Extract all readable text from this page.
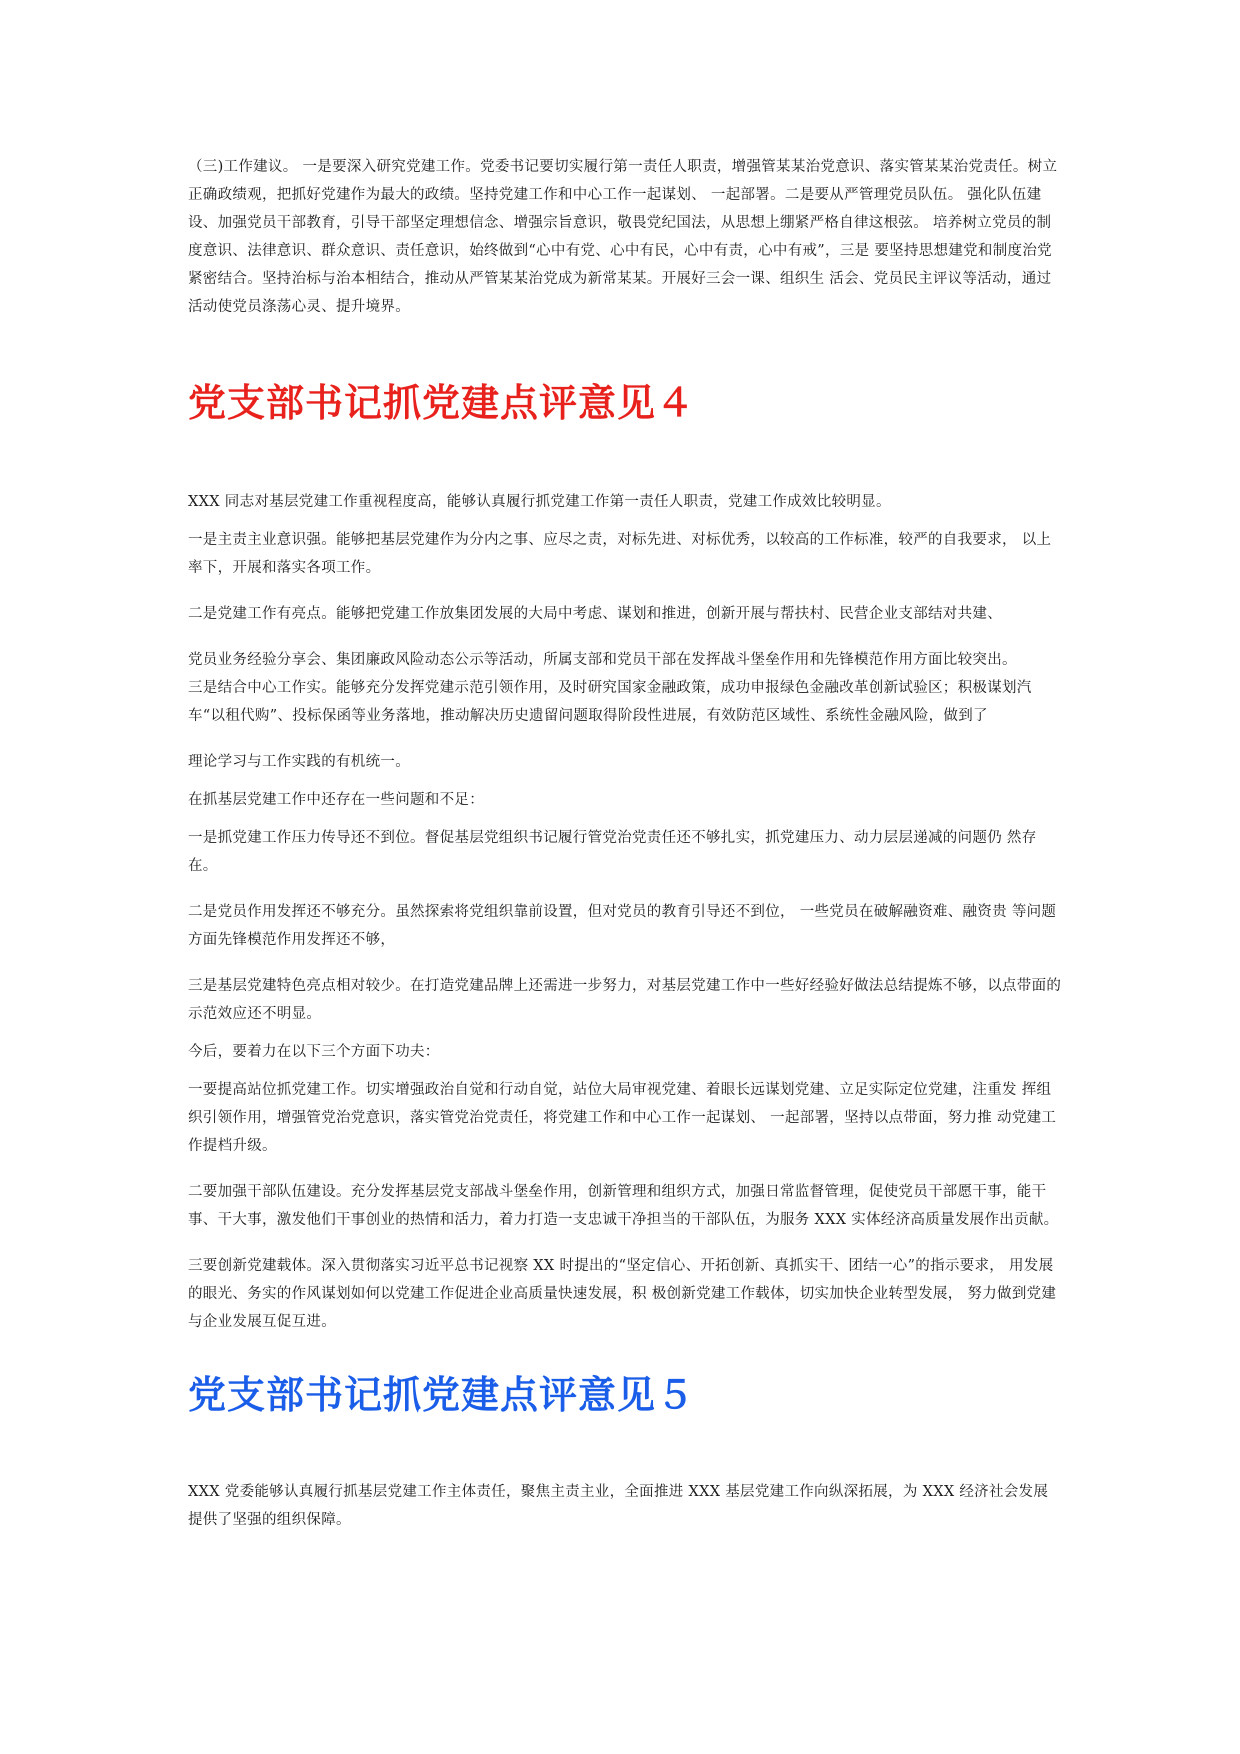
（三)工作建议。 一是要深入研究党建工作。党委书记要切实履行第一责任人职责，增强管某某治党意识、落实管某某治党责任。树立正确政绩观，把抓好党建作为最大的政绩。坚持党建工作和中心工作一起谋划、 一起部署。二是要从严管理党员队伍。 强化队伍建设、加强党员干部教育，引导干部坚定理想信念、增强宗旨意识，敬畏党纪国法，从思想上绷紧严格自律这根弦。 培养树立党员的制度意识、法律意识、群众意识、责任意识，始终做到“心中有党、心中有民，心中有责，心中有戒”，三是 要坚持思想建党和制度治党紧密结合。坚持治标与治本相结合，推动从严管某某治党成为新常某某。开展好三会一课、组织生 活会、党员民主评议等活动，通过活动使党员涤荡心灵、提升境界。

党支部书记抓党建点评意见４

XXX 同志对基层党建工作重视程度高，能够认真履行抓党建工作第一责任人职责，党建工作成效比较明显。

一是主责主业意识强。能够把基层党建作为分内之事、应尽之责，对标先进、对标优秀，以较高的工作标准，较严的自我要求， 以上率下，开展和落实各项工作。

二是党建工作有亮点。能够把党建工作放集团发展的大局中考虑、谋划和推进，创新开展与帮扶村、民营企业支部结对共建、

党员业务经验分享会、集团廉政风险动态公示等活动，所属支部和党员干部在发挥战斗堡垒作用和先锋模范作用方面比较突出。

三是结合中心工作实。能够充分发挥党建示范引领作用，及时研究国家金融政策，成功申报绿色金融改革创新试验区；积极谋划汽车“以租代购”、投标保函等业务落地，推动解决历史遗留问题取得阶段性进展，有效防范区域性、系统性金融风险，做到了

理论学习与工作实践的有机统一。

在抓基层党建工作中还存在一些问题和不足：

一是抓党建工作压力传导还不到位。督促基层党组织书记履行管党治党责任还不够扎实，抓党建压力、动力层层递减的问题仍 然存在。

二是党员作用发挥还不够充分。虽然探索将党组织靠前设置，但对党员的教育引导还不到位， 一些党员在破解融资难、融资贵 等问题方面先锋模范作用发挥还不够，

三是基层党建特色亮点相对较少。在打造党建品牌上还需进一步努力，对基层党建工作中一些好经验好做法总结提炼不够，以点带面的示范效应还不明显。

今后，要着力在以下三个方面下功夫：

一要提高站位抓党建工作。切实增强政治自觉和行动自觉，站位大局审视党建、着眼长远谋划党建、立足实际定位党建，注重发 挥组织引领作用，增强管党治党意识，落实管党治党责任，将党建工作和中心工作一起谋划、 一起部署，坚持以点带面，努力推 动党建工作提档升级。

二要加强干部队伍建设。充分发挥基层党支部战斗堡垒作用，创新管理和组织方式，加强日常监督管理，促使党员干部愿干事，能干事、干大事，激发他们干事创业的热情和活力，着力打造一支忠诚干净担当的干部队伍，为服务 XXX 实体经济高质量发展作出贡献。

三要创新党建载体。深入贯彻落实习近平总书记视察 XX 时提出的“坚定信心、开拓创新、真抓实干、团结一心”的指示要求， 用发展的眼光、务实的作风谋划如何以党建工作促进企业高质量快速发展，积 极创新党建工作载体，切实加快企业转型发展， 努力做到党建与企业发展互促互进。

党支部书记抓党建点评意见５

XXX 党委能够认真履行抓基层党建工作主体责任，聚焦主责主业，全面推进 XXX 基层党建工作向纵深拓展，为 XXX 经济社会发展 提供了坚强的组织保障。
